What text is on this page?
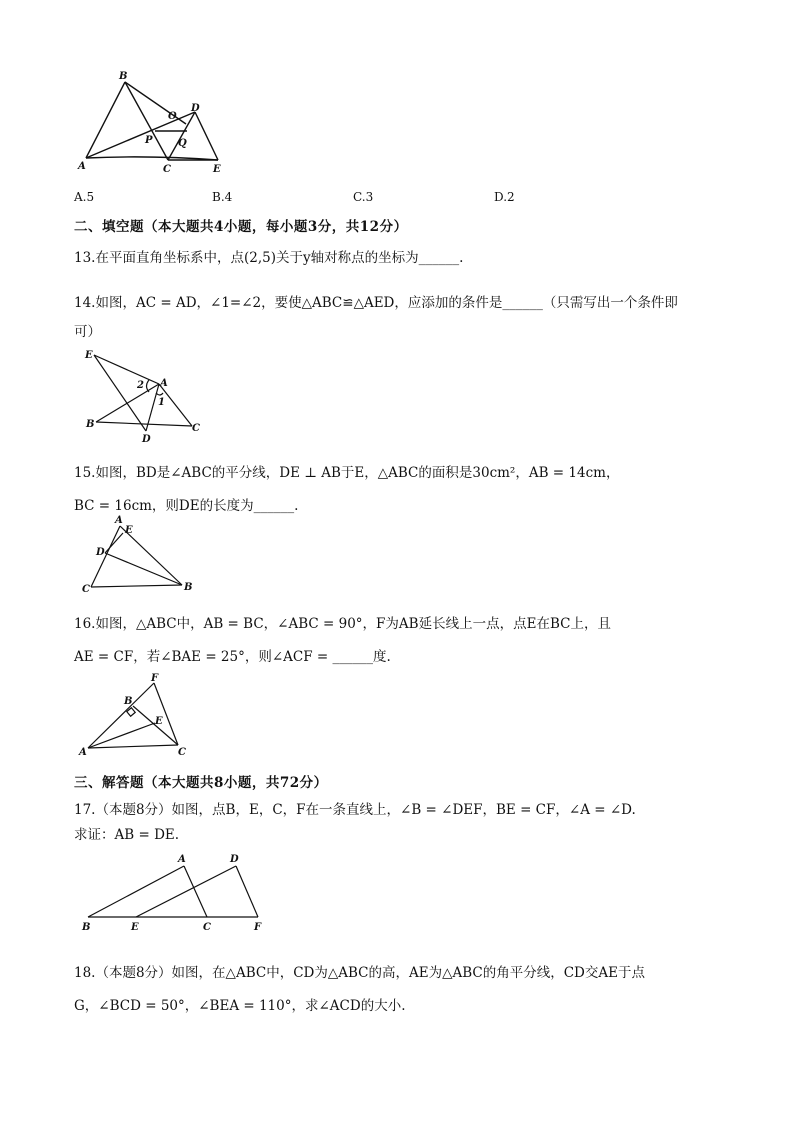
B
O
D
P	Q
A	C	E
A.5	B.4	C.3	D.2
二、填空题（本大题共4小题，每小题3分，共12分）
13.在平面直角坐标系中，点(2,5)关于y轴对称点的坐标为______.
14.如图，AC = AD，∠1=∠2，要使△ABC≌△AED，应添加的条件是______（只需写出一个条件即
可）
E
2 A
1
B	C
D
15.如图，BD是∠ABC的平分线，DE ⊥ AB于E，△ABC的面积是30cm²，AB = 14cm，
BC = 16cm，则DE的长度为______.
A
E
D
C	B
16.如图，△ABC中，AB = BC，∠ABC = 90°，F为AB延长线上一点，点E在BC上，且
AE = CF，若∠BAE = 25°，则∠ACF = ______度.
F
B
E
A	C
三、解答题（本大题共8小题，共72分）
17.（本题8分）如图，点B，E，C，F在一条直线上，∠B = ∠DEF，BE = CF，∠A = ∠D.
求证：AB = DE.
A	D
B	E	C	F
18.（本题8分）如图，在△ABC中，CD为△ABC的高，AE为△ABC的角平分线，CD交AE于点
G，∠BCD = 50°，∠BEA = 110°，求∠ACD的大小.
